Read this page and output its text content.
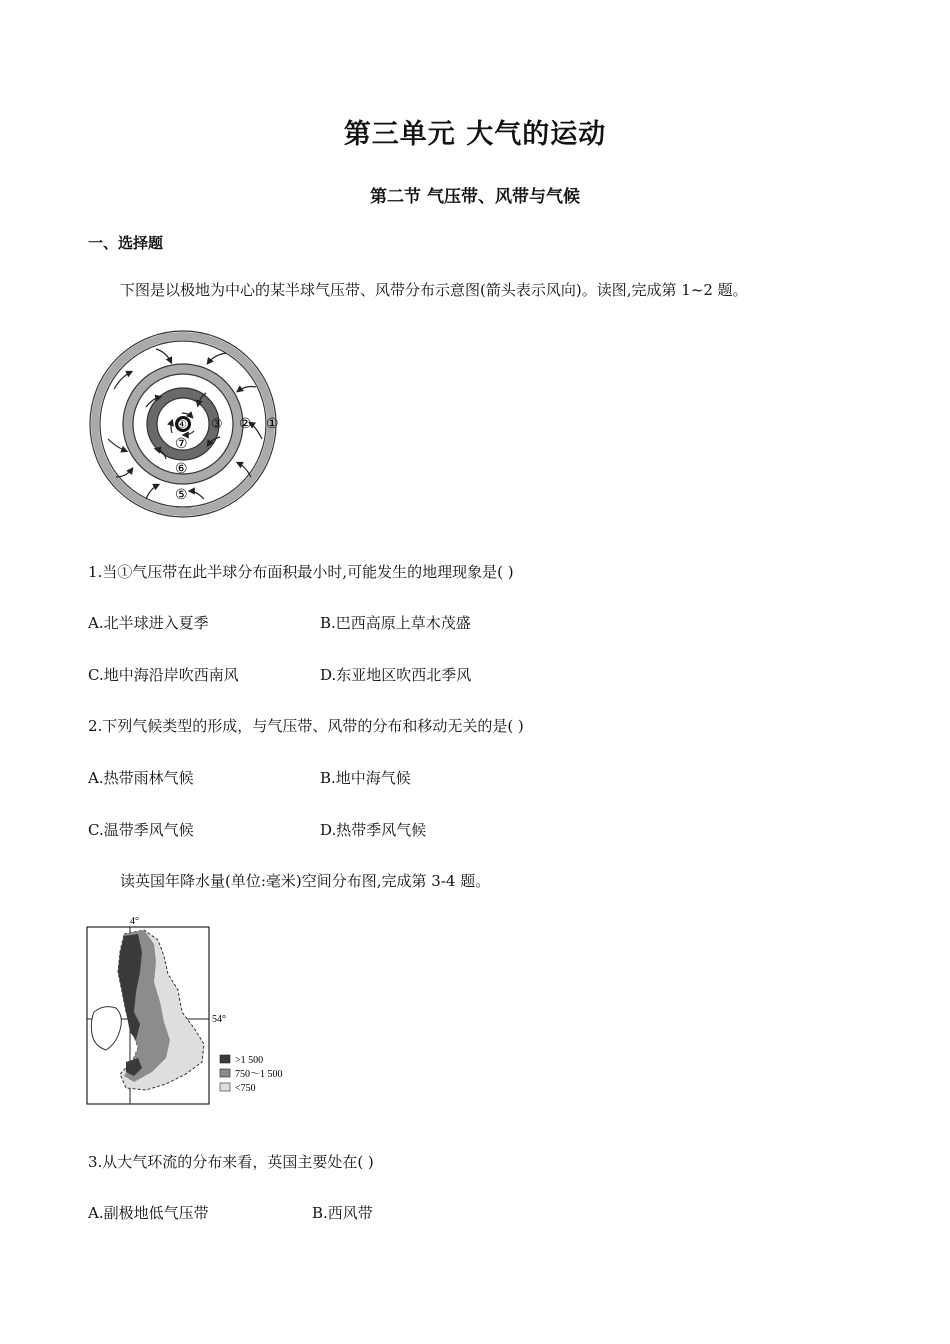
第三单元 大气的运动
第二节 气压带、风带与气候
一、选择题
下图是以极地为中心的某半球气压带、风带分布示意图(箭头表示风向)。读图,完成第 1~2 题。
①
②
③
④
⑤
⑥
⑦
1.当①气压带在此半球分布面积最小时,可能发生的地理现象是( )
A.北半球进入夏季	B.巴西高原上草木茂盛
C.地中海沿岸吹西南风	D.东亚地区吹西北季风
2.下列气候类型的形成，与气压带、风带的分布和移动无关的是( )
A.热带雨林气候	B.地中海气候
C.温带季风气候	D.热带季风气候
读英国年降水量(单位:毫米)空间分布图,完成第 3-4 题。
4°
54°
>1 500
750～1 500
<750
3.从大气环流的分布来看，英国主要处在( )
A.副极地低气压带	B.西风带
